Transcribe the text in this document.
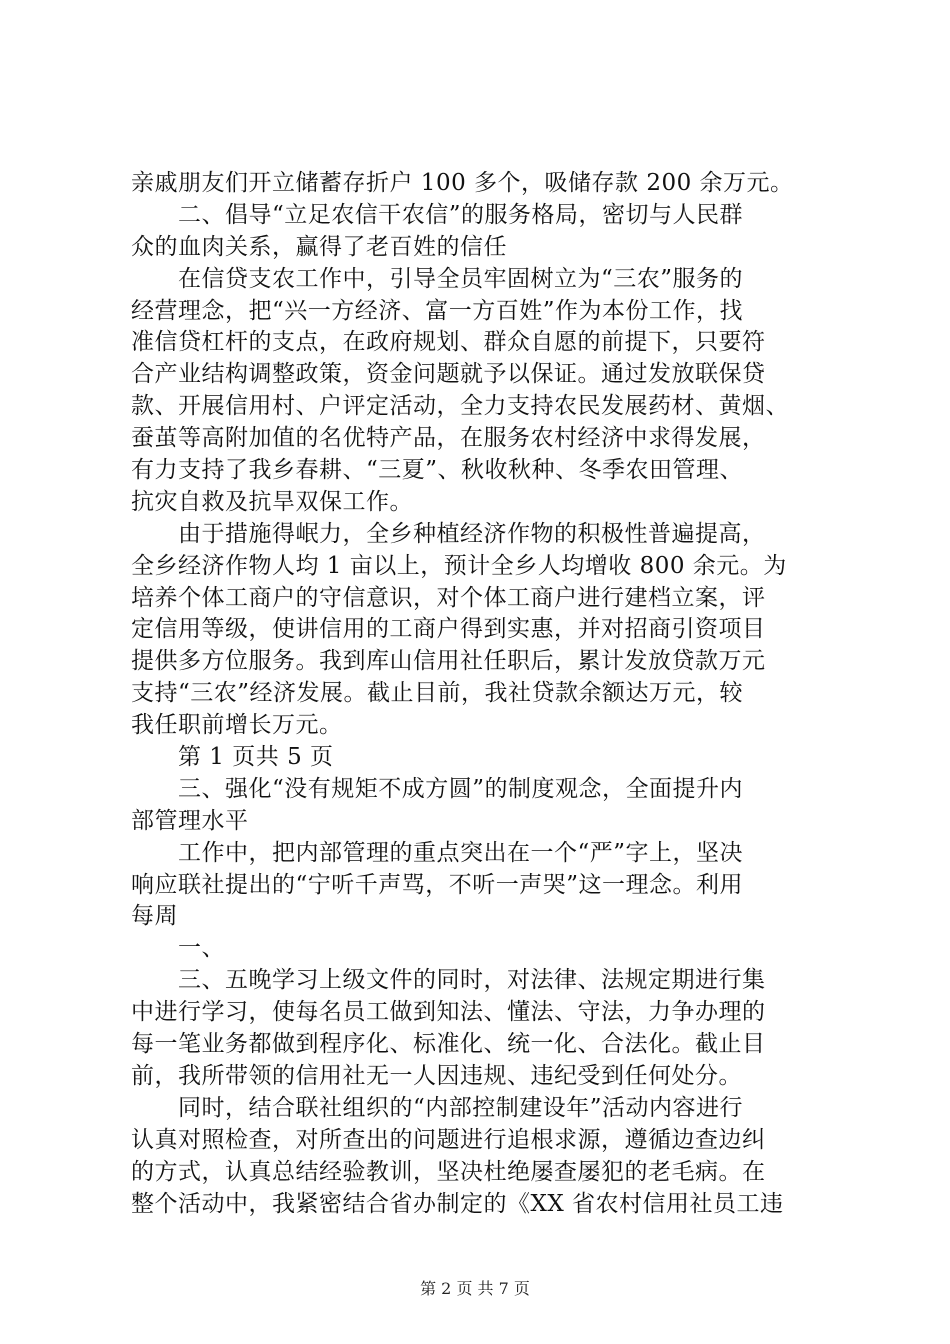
亲戚朋友们开立储蓄存折户 100 多个，吸储存款 200 余万元。
二、倡导“立足农信干农信”的服务格局，密切与人民群
众的血肉关系，赢得了老百姓的信任
在信贷支农工作中，引导全员牢固树立为“三农”服务的
经营理念，把“兴一方经济、富一方百姓”作为本份工作，找
准信贷杠杆的支点，在政府规划、群众自愿的前提下，只要符
合产业结构调整政策，资金问题就予以保证。通过发放联保贷
款、开展信用村、户评定活动，全力支持农民发展药材、黄烟、
蚕茧等高附加值的名优特产品，在服务农村经济中求得发展，
有力支持了我乡春耕、“三夏”、秋收秋种、冬季农田管理、
抗灾自救及抗旱双保工作。
由于措施得岷力，全乡种植经济作物的积极性普遍提高，
全乡经济作物人均 1 亩以上，预计全乡人均增收 800 余元。为
培养个体工商户的守信意识，对个体工商户进行建档立案，评
定信用等级，使讲信用的工商户得到实惠，并对招商引资项目
提供多方位服务。我到库山信用社任职后，累计发放贷款万元
支持“三农”经济发展。截止目前，我社贷款余额达万元，较
我任职前增长万元。
第 1 页共 5 页
三、强化“没有规矩不成方圆”的制度观念，全面提升内
部管理水平
工作中，把内部管理的重点突出在一个“严”字上，坚决
响应联社提出的“宁听千声骂，不听一声哭”这一理念。利用
每周
一、
三、五晚学习上级文件的同时，对法律、法规定期进行集
中进行学习，使每名员工做到知法、懂法、守法，力争办理的
每一笔业务都做到程序化、标准化、统一化、合法化。截止目
前，我所带领的信用社无一人因违规、违纪受到任何处分。
同时，结合联社组织的“内部控制建设年”活动内容进行
认真对照检查，对所查出的问题进行追根求源，遵循边查边纠
的方式，认真总结经验教训，坚决杜绝屡查屡犯的老毛病。在
整个活动中，我紧密结合省办制定的《XX 省农村信用社员工违
第 2 页 共 7 页
